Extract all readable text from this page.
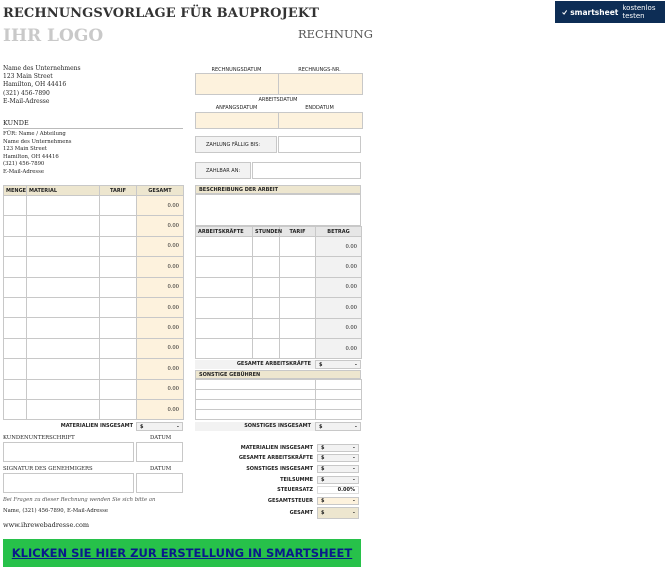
RECHNUNGSVORLAGE FÜR BAUPROJEKT
IHR LOGO	RECHNUNG
smartsheet kostenlos testen
Name des Unternehmens
123 Main Street
Hamilton, OH 44416
(321) 456-7890
E-Mail-Adresse
KUNDE
FÜR: Name / Abteilung
Name des Unternehmens
123 Main Street
Hamilton, OH 44416
(321) 456-7890
E-Mail-Adresse
RECHNUNGSDATUM	RECHNUNGS-NR.
ARBEITSDATUM
ANFANGSDATUM	ENDDATUM
ZAHLUNG FÄLLIG BIS:
ZAHLBAR AN:
MENGE	MATERIAL	TARIF	GESAMT
			0.00
			0.00
			0.00
			0.00
			0.00
			0.00
			0.00
			0.00
			0.00
			0.00
			0.00
MATERIALIEN INSGESAMT	$	-
BESCHREIBUNG DER ARBEIT
ARBEITSKRÄFTE	STUNDEN	TARIF	BETRAG
			0.00
			0.00
			0.00
			0.00
			0.00
			0.00
GESAMTE ARBEITSKRÄFTE	$	-
SONSTIGE GEBÜHREN

SONSTIGES INSGESAMT	$	-
KUNDENUNTERSCHRIFT	DATUM
SIGNATUR DES GENEHMIGERS	DATUM
Bei Fragen zu dieser Rechnung wenden Sie sich bitte an
Name, (321) 456-7890, E-Mail-Adresse
www.ihrewebadresse.com
MATERIALIEN INSGESAMT	$	-
GESAMTE ARBEITSKRÄFTE	$	-
SONSTIGES INSGESAMT	$	-
TEILSUMME	$	-
STEUERSATZ	0.00%
GESAMTSTEUER	$	-
GESAMT	$	-
KLICKEN SIE HIER ZUR ERSTELLUNG IN SMARTSHEET
